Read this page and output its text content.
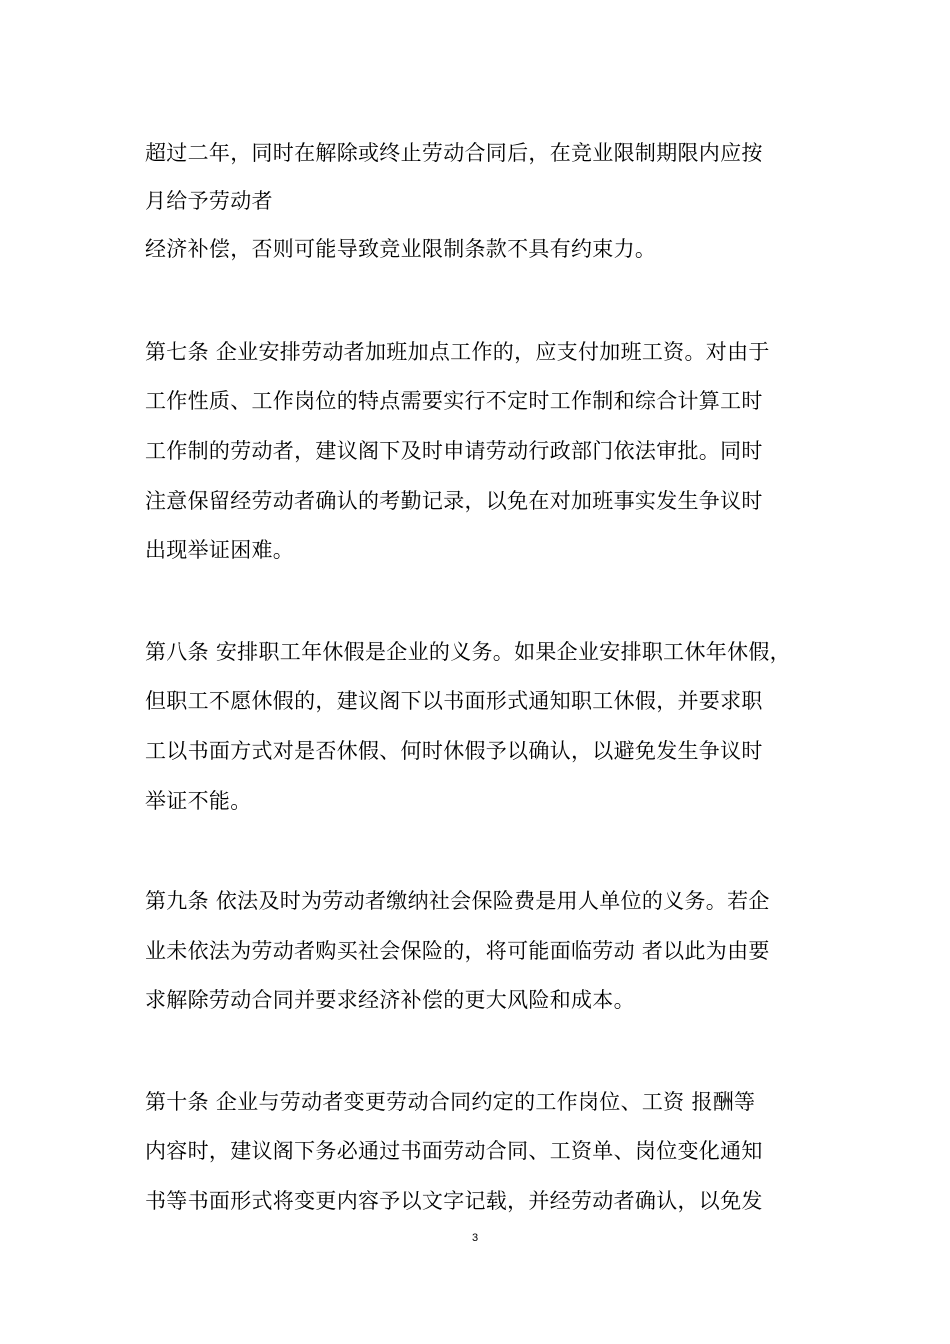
超过二年，同时在解除或终止劳动合同后，在竞业限制期限内应按
月给予劳动者
经济补偿，否则可能导致竞业限制条款不具有约束力。
第七条 企业安排劳动者加班加点工作的，应支付加班工资。对由于
工作性质、工作岗位的特点需要实行不定时工作制和综合计算工时
工作制的劳动者，建议阁下及时申请劳动行政部门依法审批。同时
注意保留经劳动者确认的考勤记录，以免在对加班事实发生争议时
出现举证困难。
第八条 安排职工年休假是企业的义务。如果企业安排职工休年休假，
但职工不愿休假的，建议阁下以书面形式通知职工休假，并要求职
工以书面方式对是否休假、何时休假予以确认，以避免发生争议时
举证不能。
第九条 依法及时为劳动者缴纳社会保险费是用人单位的义务。若企
业未依法为劳动者购买社会保险的，将可能面临劳动 者以此为由要
求解除劳动合同并要求经济补偿的更大风险和成本。
第十条 企业与劳动者变更劳动合同约定的工作岗位、工资 报酬等
内容时，建议阁下务必通过书面劳动合同、工资单、岗位变化通知
书等书面形式将变更内容予以文字记载，并经劳动者确认，以免发
3
